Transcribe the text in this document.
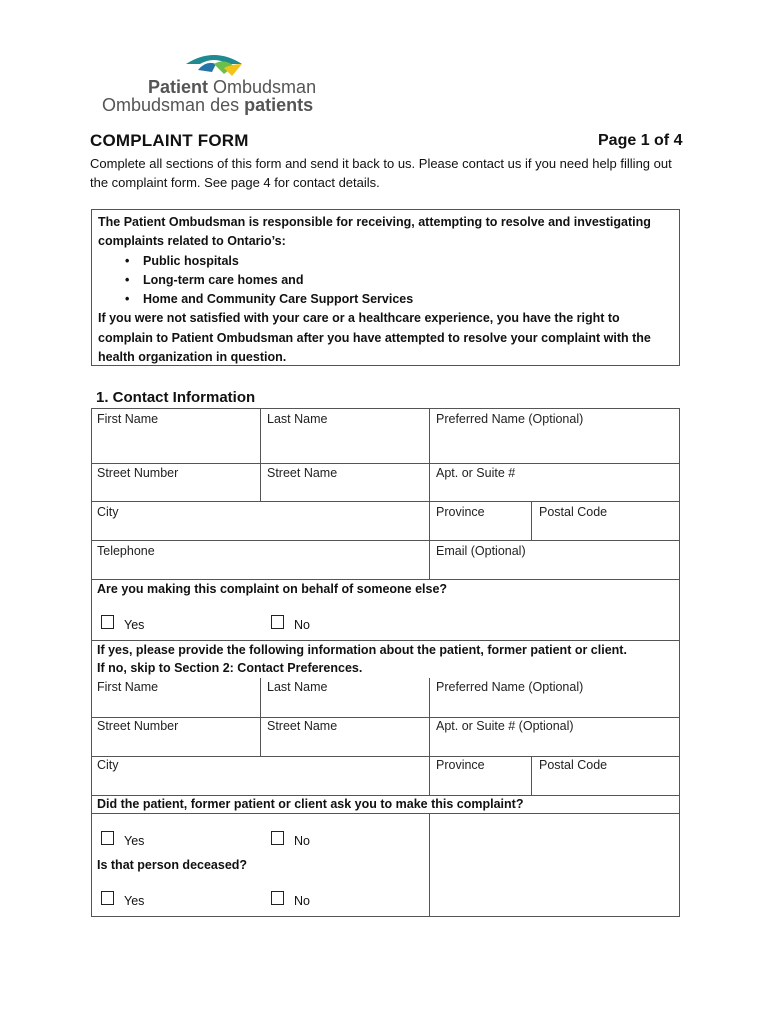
Patient Ombudsman
Ombudsman des patients
COMPLAINT FORM	Page 1 of 4
Complete all sections of this form and send it back to us. Please contact us if you need help filling out the complaint form. See page 4 for contact details.
The Patient Ombudsman is responsible for receiving, attempting to resolve and investigating complaints related to Ontario’s:
• Public hospitals
• Long-term care homes and
• Home and Community Care Support Services
If you were not satisfied with your care or a healthcare experience, you have the right to complain to Patient Ombudsman after you have attempted to resolve your complaint with the health organization in question.
1. Contact Information
First Name	Last Name	Preferred Name (Optional)
Street Number	Street Name	Apt. or Suite #
City	Province	Postal Code
Telephone	Email (Optional)
Are you making this complaint on behalf of someone else?
Yes	No
If yes, please provide the following information about the patient, former patient or client.
If no, skip to Section 2: Contact Preferences.
First Name	Last Name	Preferred Name (Optional)
Street Number	Street Name	Apt. or Suite # (Optional)
City	Province	Postal Code
Did the patient, former patient or client ask you to make this complaint?
Yes	No
Is that person deceased?
Yes	No
